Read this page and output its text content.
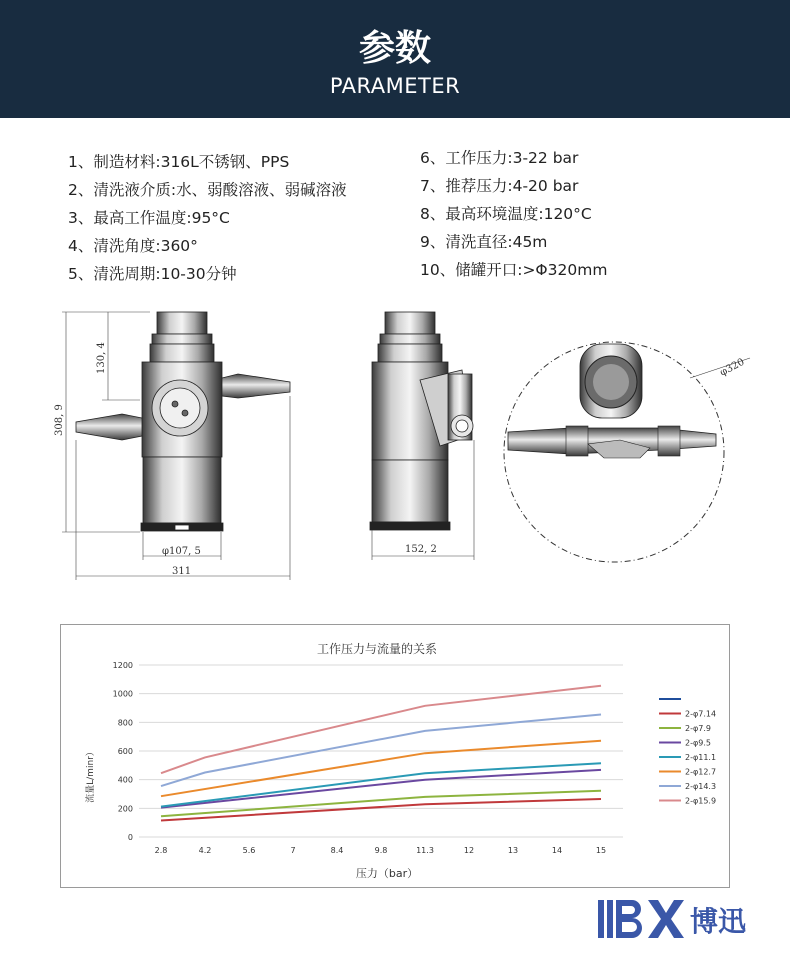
参数
PARAMETER
1、制造材料:316L不锈钢、PPS
2、清洗液介质:水、弱酸溶液、弱碱溶液
3、最高工作温度:95°C
4、清洗角度:360°
5、清洗周期:10-30分钟
6、工作压力:3-22 bar
7、推荐压力:4-20 bar
8、最高环境温度:120°C
9、清洗直径:45m
10、储罐开口:>Φ320mm
308, 9
130, 4
φ107, 5
311
152, 2
φ320
工作压力与流量的关系
压力（bar）
流量L/minr）
0
200
400
600
800
1000
1200
2.8	4.2	5.6	7	8.4	9.8	11.3	12	13	14	15
2-φ7.14
2-φ7.9
2-φ9.5
2-φ11.1
2-φ12.7
2-φ14.3
2-φ15.9
博迅
